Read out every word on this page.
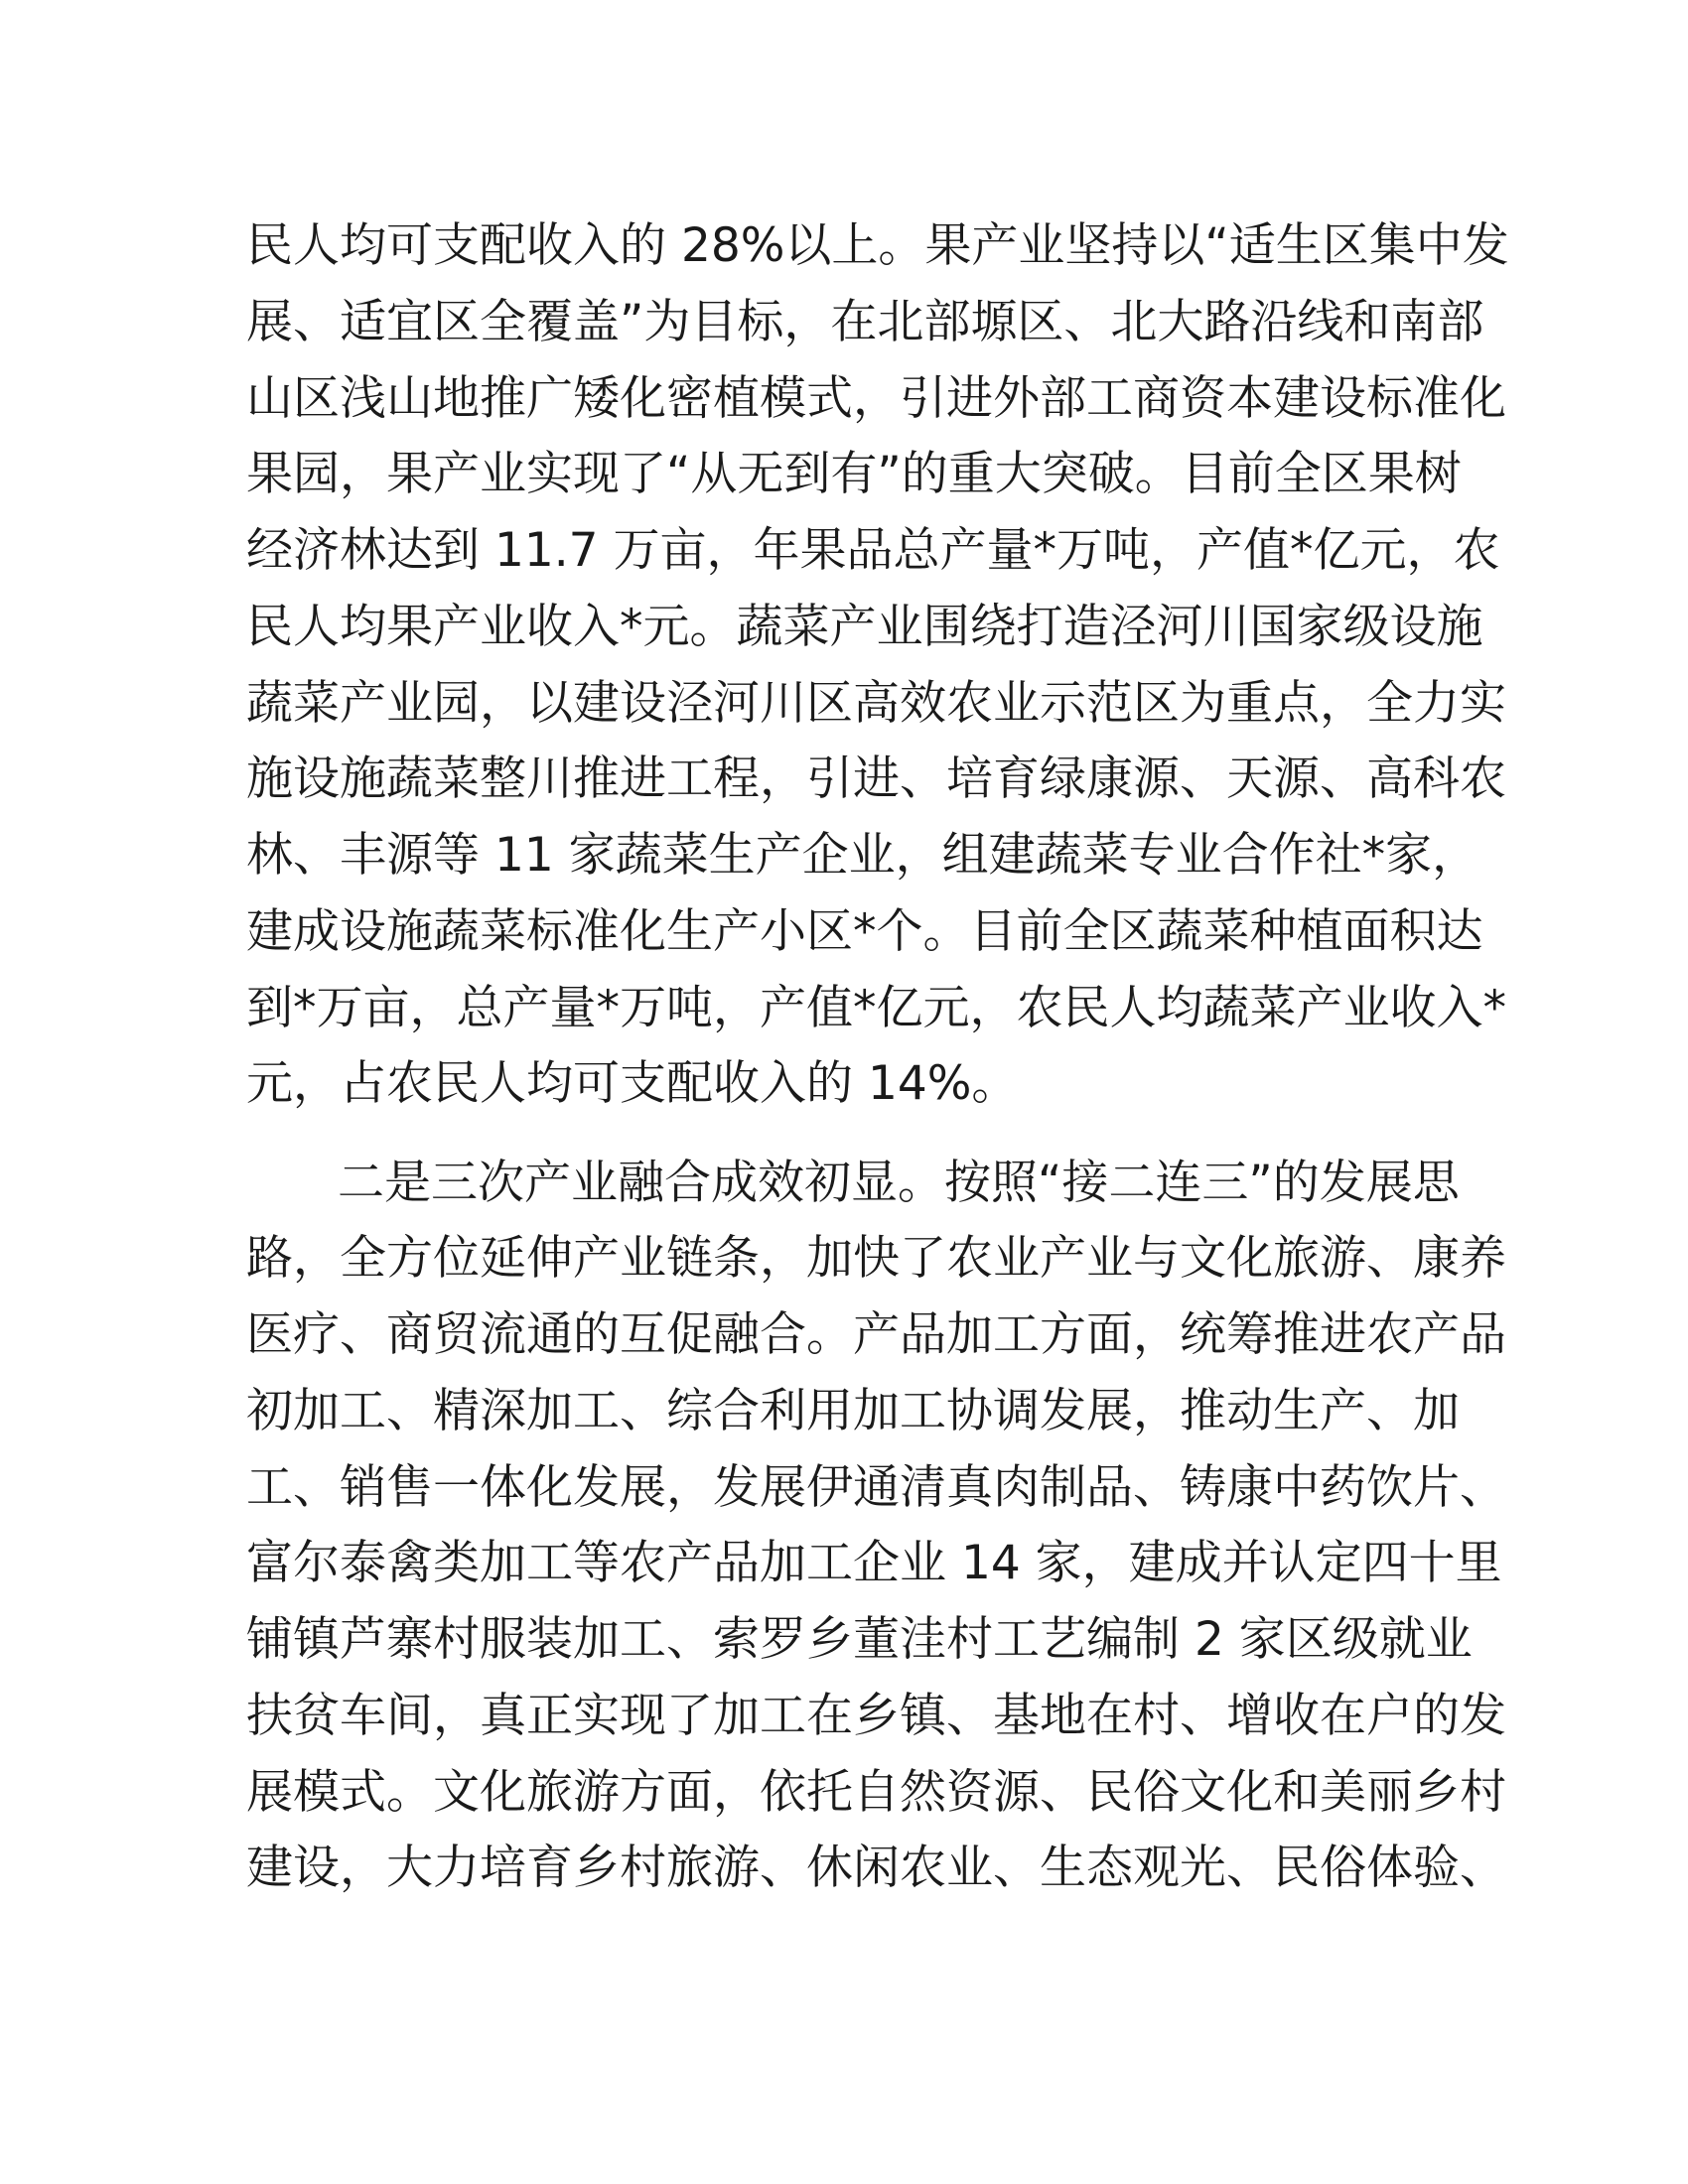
民人均可支配收入的 28%以上。果产业坚持以“适生区集中发
展、适宜区全覆盖”为目标，在北部塬区、北大路沿线和南部
山区浅山地推广矮化密植模式，引进外部工商资本建设标准化
果园，果产业实现了“从无到有”的重大突破。目前全区果树
经济林达到 11.7 万亩，年果品总产量*万吨，产值*亿元，农
民人均果产业收入*元。蔬菜产业围绕打造泾河川国家级设施
蔬菜产业园，以建设泾河川区高效农业示范区为重点，全力实
施设施蔬菜整川推进工程，引进、培育绿康源、天源、高科农
林、丰源等 11 家蔬菜生产企业，组建蔬菜专业合作社*家，
建成设施蔬菜标准化生产小区*个。目前全区蔬菜种植面积达
到*万亩，总产量*万吨，产值*亿元，农民人均蔬菜产业收入*
元，占农民人均可支配收入的 14%。
二是三次产业融合成效初显。按照“接二连三”的发展思
路，全方位延伸产业链条，加快了农业产业与文化旅游、康养
医疗、商贸流通的互促融合。产品加工方面，统筹推进农产品
初加工、精深加工、综合利用加工协调发展，推动生产、加
工、销售一体化发展，发展伊通清真肉制品、铸康中药饮片、
富尔泰禽类加工等农产品加工企业 14 家，建成并认定四十里
铺镇芦寨村服装加工、索罗乡董洼村工艺编制 2 家区级就业
扶贫车间，真正实现了加工在乡镇、基地在村、增收在户的发
展模式。文化旅游方面，依托自然资源、民俗文化和美丽乡村
建设，大力培育乡村旅游、休闲农业、生态观光、民俗体验、
